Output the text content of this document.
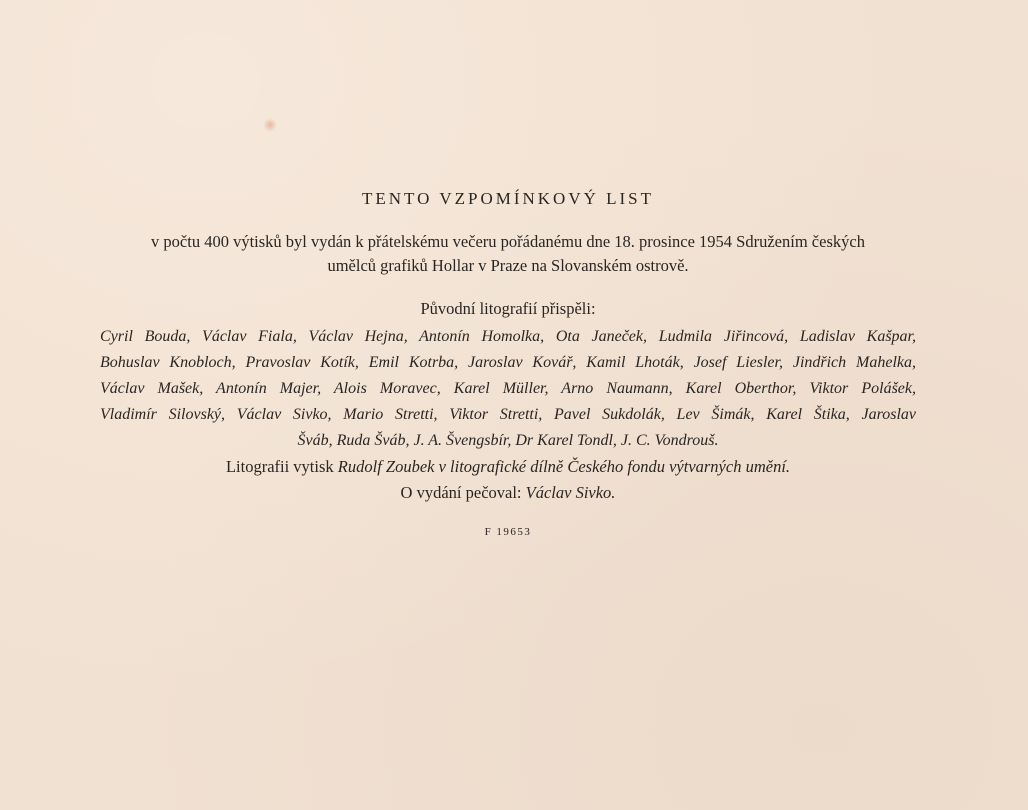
TENTO VZPOMÍNKOVÝ LIST
v počtu 400 výtisků byl vydán k přátelskému večeru pořádanému dne 18. prosince 1954 Sdružením českých
umělců grafiků Hollar v Praze na Slovanském ostrově.
Původní litografií přispěli:
Cyril Bouda, Václav Fiala, Václav Hejna, Antonín Homolka, Ota Janeček, Ludmila Jiřincová, Ladislav Kašpar,
Bohuslav Knobloch, Pravoslav Kotík, Emil Kotrba, Jaroslav Kovář, Kamil Lhoták, Josef Liesler, Jindřich Mahelka,
Václav Mašek, Antonín Majer, Alois Moravec, Karel Müller, Arno Naumann, Karel Oberthor, Viktor Polášek,
Vladimír Silovský, Václav Sivko, Mario Stretti, Viktor Stretti, Pavel Sukdolák, Lev Šimák, Karel Štika, Jaroslav
Šváb, Ruda Šváb, J. A. Švengsbír, Dr Karel Tondl, J. C. Vondrouš.

Litografii vytisk Rudolf Zoubek v litografické dílně Českého fondu výtvarných umění.

O vydání pečoval: Václav Sivko.

F 19653
